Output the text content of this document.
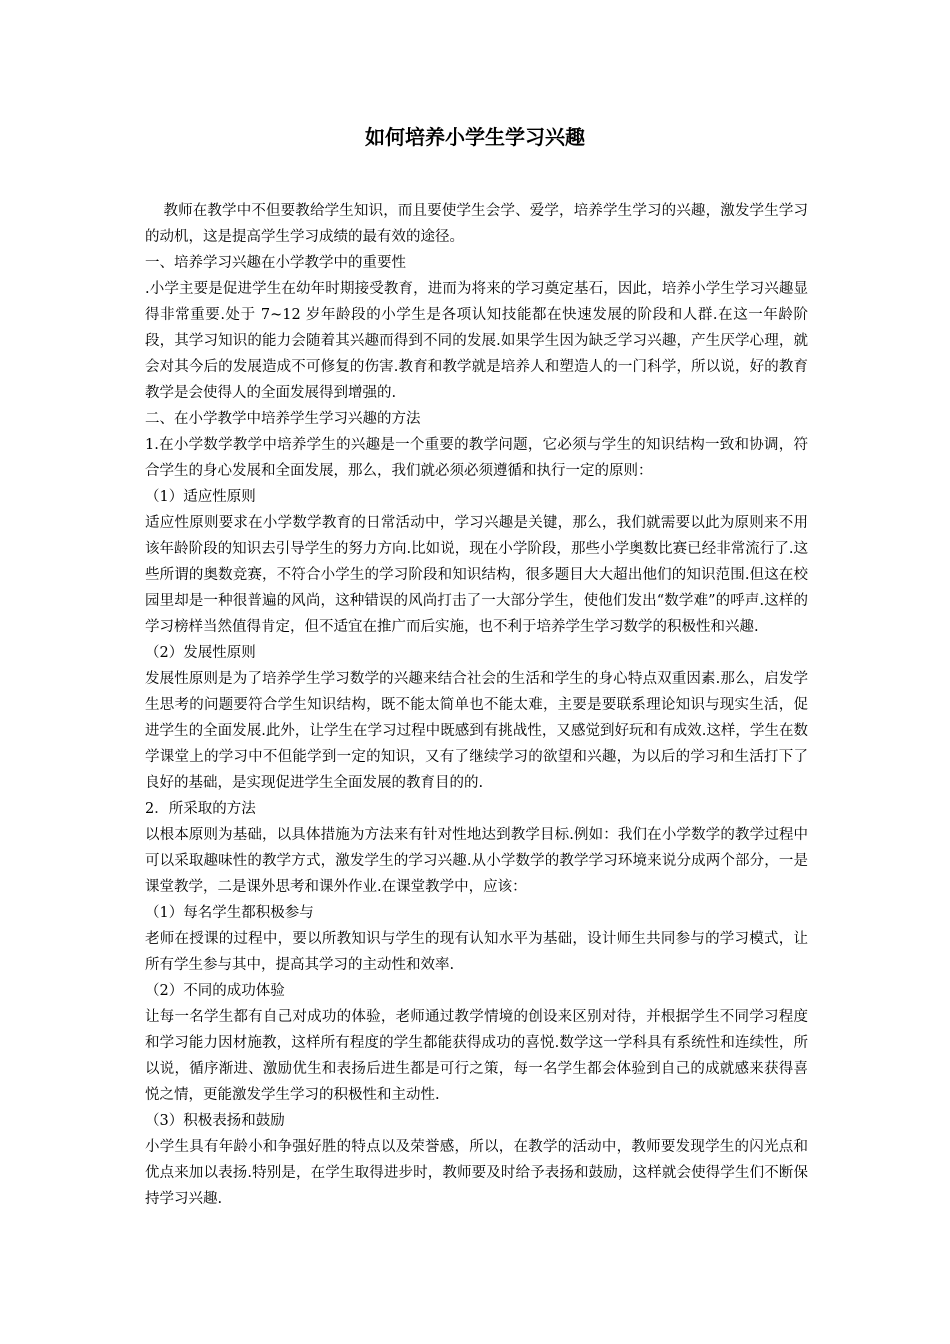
如何培养小学生学习兴趣

教师在教学中不但要教给学生知识，而且要使学生会学、爱学，培养学生学习的兴趣，激发学生学习的动机，这是提高学生学习成绩的最有效的途径。

一、培养学习兴趣在小学教学中的重要性

.小学主要是促进学生在幼年时期接受教育，进而为将来的学习奠定基石，因此，培养小学生学习兴趣显得非常重要.处于 7~12 岁年龄段的小学生是各项认知技能都在快速发展的阶段和人群.在这一年龄阶段，其学习知识的能力会随着其兴趣而得到不同的发展.如果学生因为缺乏学习兴趣，产生厌学心理，就会对其今后的发展造成不可修复的伤害.教育和教学就是培养人和塑造人的一门科学，所以说，好的教育教学是会使得人的全面发展得到增强的.

二、在小学教学中培养学生学习兴趣的方法

1.在小学数学教学中培养学生的兴趣是一个重要的教学问题，它必须与学生的知识结构一致和协调，符合学生的身心发展和全面发展，那么，我们就必须必须遵循和执行一定的原则：

（1）适应性原则

适应性原则要求在小学数学教育的日常活动中，学习兴趣是关键，那么，我们就需要以此为原则来不用该年龄阶段的知识去引导学生的努力方向.比如说，现在小学阶段，那些小学奥数比赛已经非常流行了.这些所谓的奥数竞赛，不符合小学生的学习阶段和知识结构，很多题目大大超出他们的知识范围.但这在校园里却是一种很普遍的风尚，这种错误的风尚打击了一大部分学生，使他们发出“数学难”的呼声.这样的学习榜样当然值得肯定，但不适宜在推广而后实施，也不利于培养学生学习数学的积极性和兴趣.

（2）发展性原则

发展性原则是为了培养学生学习数学的兴趣来结合社会的生活和学生的身心特点双重因素.那么，启发学生思考的问题要符合学生知识结构，既不能太简单也不能太难，主要是要联系理论知识与现实生活，促进学生的全面发展.此外，让学生在学习过程中既感到有挑战性，又感觉到好玩和有成效.这样，学生在数学课堂上的学习中不但能学到一定的知识，又有了继续学习的欲望和兴趣，为以后的学习和生活打下了良好的基础，是实现促进学生全面发展的教育目的的.

2．所采取的方法

以根本原则为基础，以具体措施为方法来有针对性地达到教学目标.例如：我们在小学数学的教学过程中可以采取趣味性的教学方式，激发学生的学习兴趣.从小学数学的教学学习环境来说分成两个部分，一是课堂教学，二是课外思考和课外作业.在课堂教学中，应该：

（1）每名学生都积极参与

老师在授课的过程中，要以所教知识与学生的现有认知水平为基础，设计师生共同参与的学习模式，让所有学生参与其中，提高其学习的主动性和效率.

（2）不同的成功体验

让每一名学生都有自己对成功的体验，老师通过教学情境的创设来区别对待，并根据学生不同学习程度和学习能力因材施教，这样所有程度的学生都能获得成功的喜悦.数学这一学科具有系统性和连续性，所以说，循序渐进、激励优生和表扬后进生都是可行之策，每一名学生都会体验到自己的成就感来获得喜悦之情，更能激发学生学习的积极性和主动性.

（3）积极表扬和鼓励

小学生具有年龄小和争强好胜的特点以及荣誉感，所以，在教学的活动中，教师要发现学生的闪光点和优点来加以表扬.特别是，在学生取得进步时，教师要及时给予表扬和鼓励，这样就会使得学生们不断保持学习兴趣.
